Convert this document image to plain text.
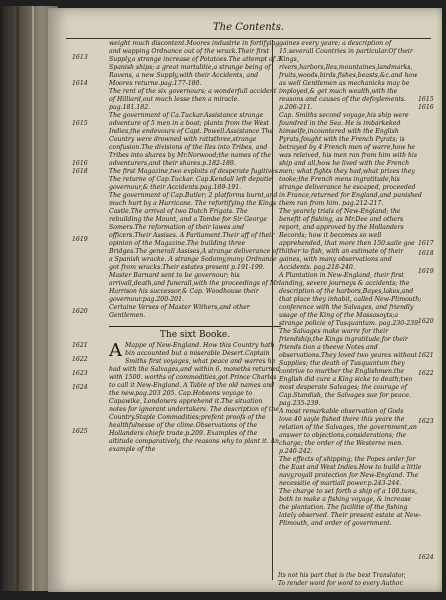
The Contents.
1613
1614
1615
1616
1618
1619
1620
1621
1622
1623
1624
1625

weight much discontent.Moores industrie in fortifying and wapping Ordnance out of the wrack.Their first Supply,a strange increase of Potatoes.The attempt of 3 Spanish ships; a great mortalitie,a strange being of Ravens, a new Supply,with their Accidents, and Moores returne.pag.177-180.

The rent of the six governours; a wonderfull accident of Hilliard,out much lesse then a miracle. pag.181.182.

The government of Ca.Tuckar.Assistance strange adventure of 5 men in a boat; plants from the West Indies,the endevours of Capt. Powell.Assistance The Country were drowned with rattsthree,strange confusion.The divisions of the Iles into Tribes, and Tribes into shares by Mr.Norwood;the names of the adventurers,and their shares.p.182-189.

The first Magazine,two exploits of desperate fugitives. The returne of Cap.Tuckar. Cap.Kendall left deputie governour,& their Accidents.pag.189-191.

The government of Cap.Butler; 2 platforms burnt,and much hurt by a Hurricane. The refortifying the Kings Castle.The arrival of two Dutch Frigats. The rebuilding the Mount, and a Tombe for Sir George Somers.The reformation of their lawes and officers.Their Assises. A Parliament.Their aff of their opinion of the Magazine.The building three Bridges.The generall Assises,A strange deliverance of a Spanish wracke. A strange Sodomy,many Ordnance got from wracks.Their estates present p.191-199.

Master Barnard sent to be governour; his arrivall,death,and funerall,with the proceedings of Mr. Harrison his successor,& Cap. Woodhouse their governour.pag.200-201.

Certaine Verses of Master Withers,and other Gentlemen.

The sixt Booke.
A Mappe of New-England. How this Country hath bin accounted but a miserable Desert.Captain Smiths first voyages, what peace and warres he had with the Salvages,and within 6. moneths returned with 1500. worths of commodities,got Prince Charles to call it New-England. A Table of the old names and the new.pag.203 205. Cap.Hobsons voyage to Capawike, Londoners apprehend it.The situation notes for ignorant undertakers. The description of the Country.Staple Commodities;prefent proofs of the healthfulnesse of the clime.Observations of the Hollanders chiefe trade.p.209. Examples of the altitude comparatively, the reasons why to plant it. An example of the

gaines every yeare; a description of 15.severall Countries in particular.Of their Kings, rivers,harbors,Iles,mountaines,landmarks, fruits,woods,birds,fishes,beasts,&c.and how as well Gentlemen as mechanicks may be imployed,& get much wealth,with the reasons and causes of the defoylements. p.206-211.

Cap. Smiths second voyage,his ship were foundred in the Sea. He is imbarkeked himselfe,incountered with the English Pyrats,fought with the French Pyrats; is betrayed by 4 French men of warre,how he was releived, his men ran from him with his ship and all,how he lived with the French men; what fights they had,what prizes they tooke;the French mens ingratitude,his strange deliverance he escaped, proceeded in France,returned for England,and punished them ran from him. pag.212-217.

The yearely trials of New-England; the benefit of fishing, as Mr.Dee and others report, and approved by the Hollanders Records; how it becomes so well apprehended, that more then 150.saile goe thither to fish, with an estimate of their gaines, with many observations and Accidents. pag.218-240.

A Plantation in New-England, their first landing, severe journeys & accidents; the description of the harbors,Bayes,lakes,and that place they inhabit, called New-Plimouth; conference with the Salvages, and friendly usage of the King of the Massasoyts;a strange policie of Tusquantum. pag.230-239.

The Salvages make warre for their friendship,the Kings ingratitude,for their friends tion a theeve Notes and observations.They loved two yeares without Supplies; the death of Tusquantum they contrive to murther the Englishmen.the English did cure a King sicke to death;two most desperate Salvages; the courage of Cap.Standish, the Salvages sue for peace. pag.235-239.

A most remarkable observation of Gods love.40 sayle fished there this yeare the relation of the Salvages, the government,an answer to objections,considerations; the charge; the order of the Westerne men. p.240-242.

The effects of shipping; the Popes order for the East and West Indies.How to build a little navy,royall protection for New-England. The necessitie of martiall power.p.243-244.

The charge to set forth a ship of a 100.tuns, both to make a fishing voyage, & increase the plantation. The facilitie of the fishing lately observed. Their present estate at New-Plimouth, and order of government.

1615
1616
1617
1618
1619
1620
1621
1622
1623
1624
Its not his part that is the best Translator,
To render word for word to every Author.
